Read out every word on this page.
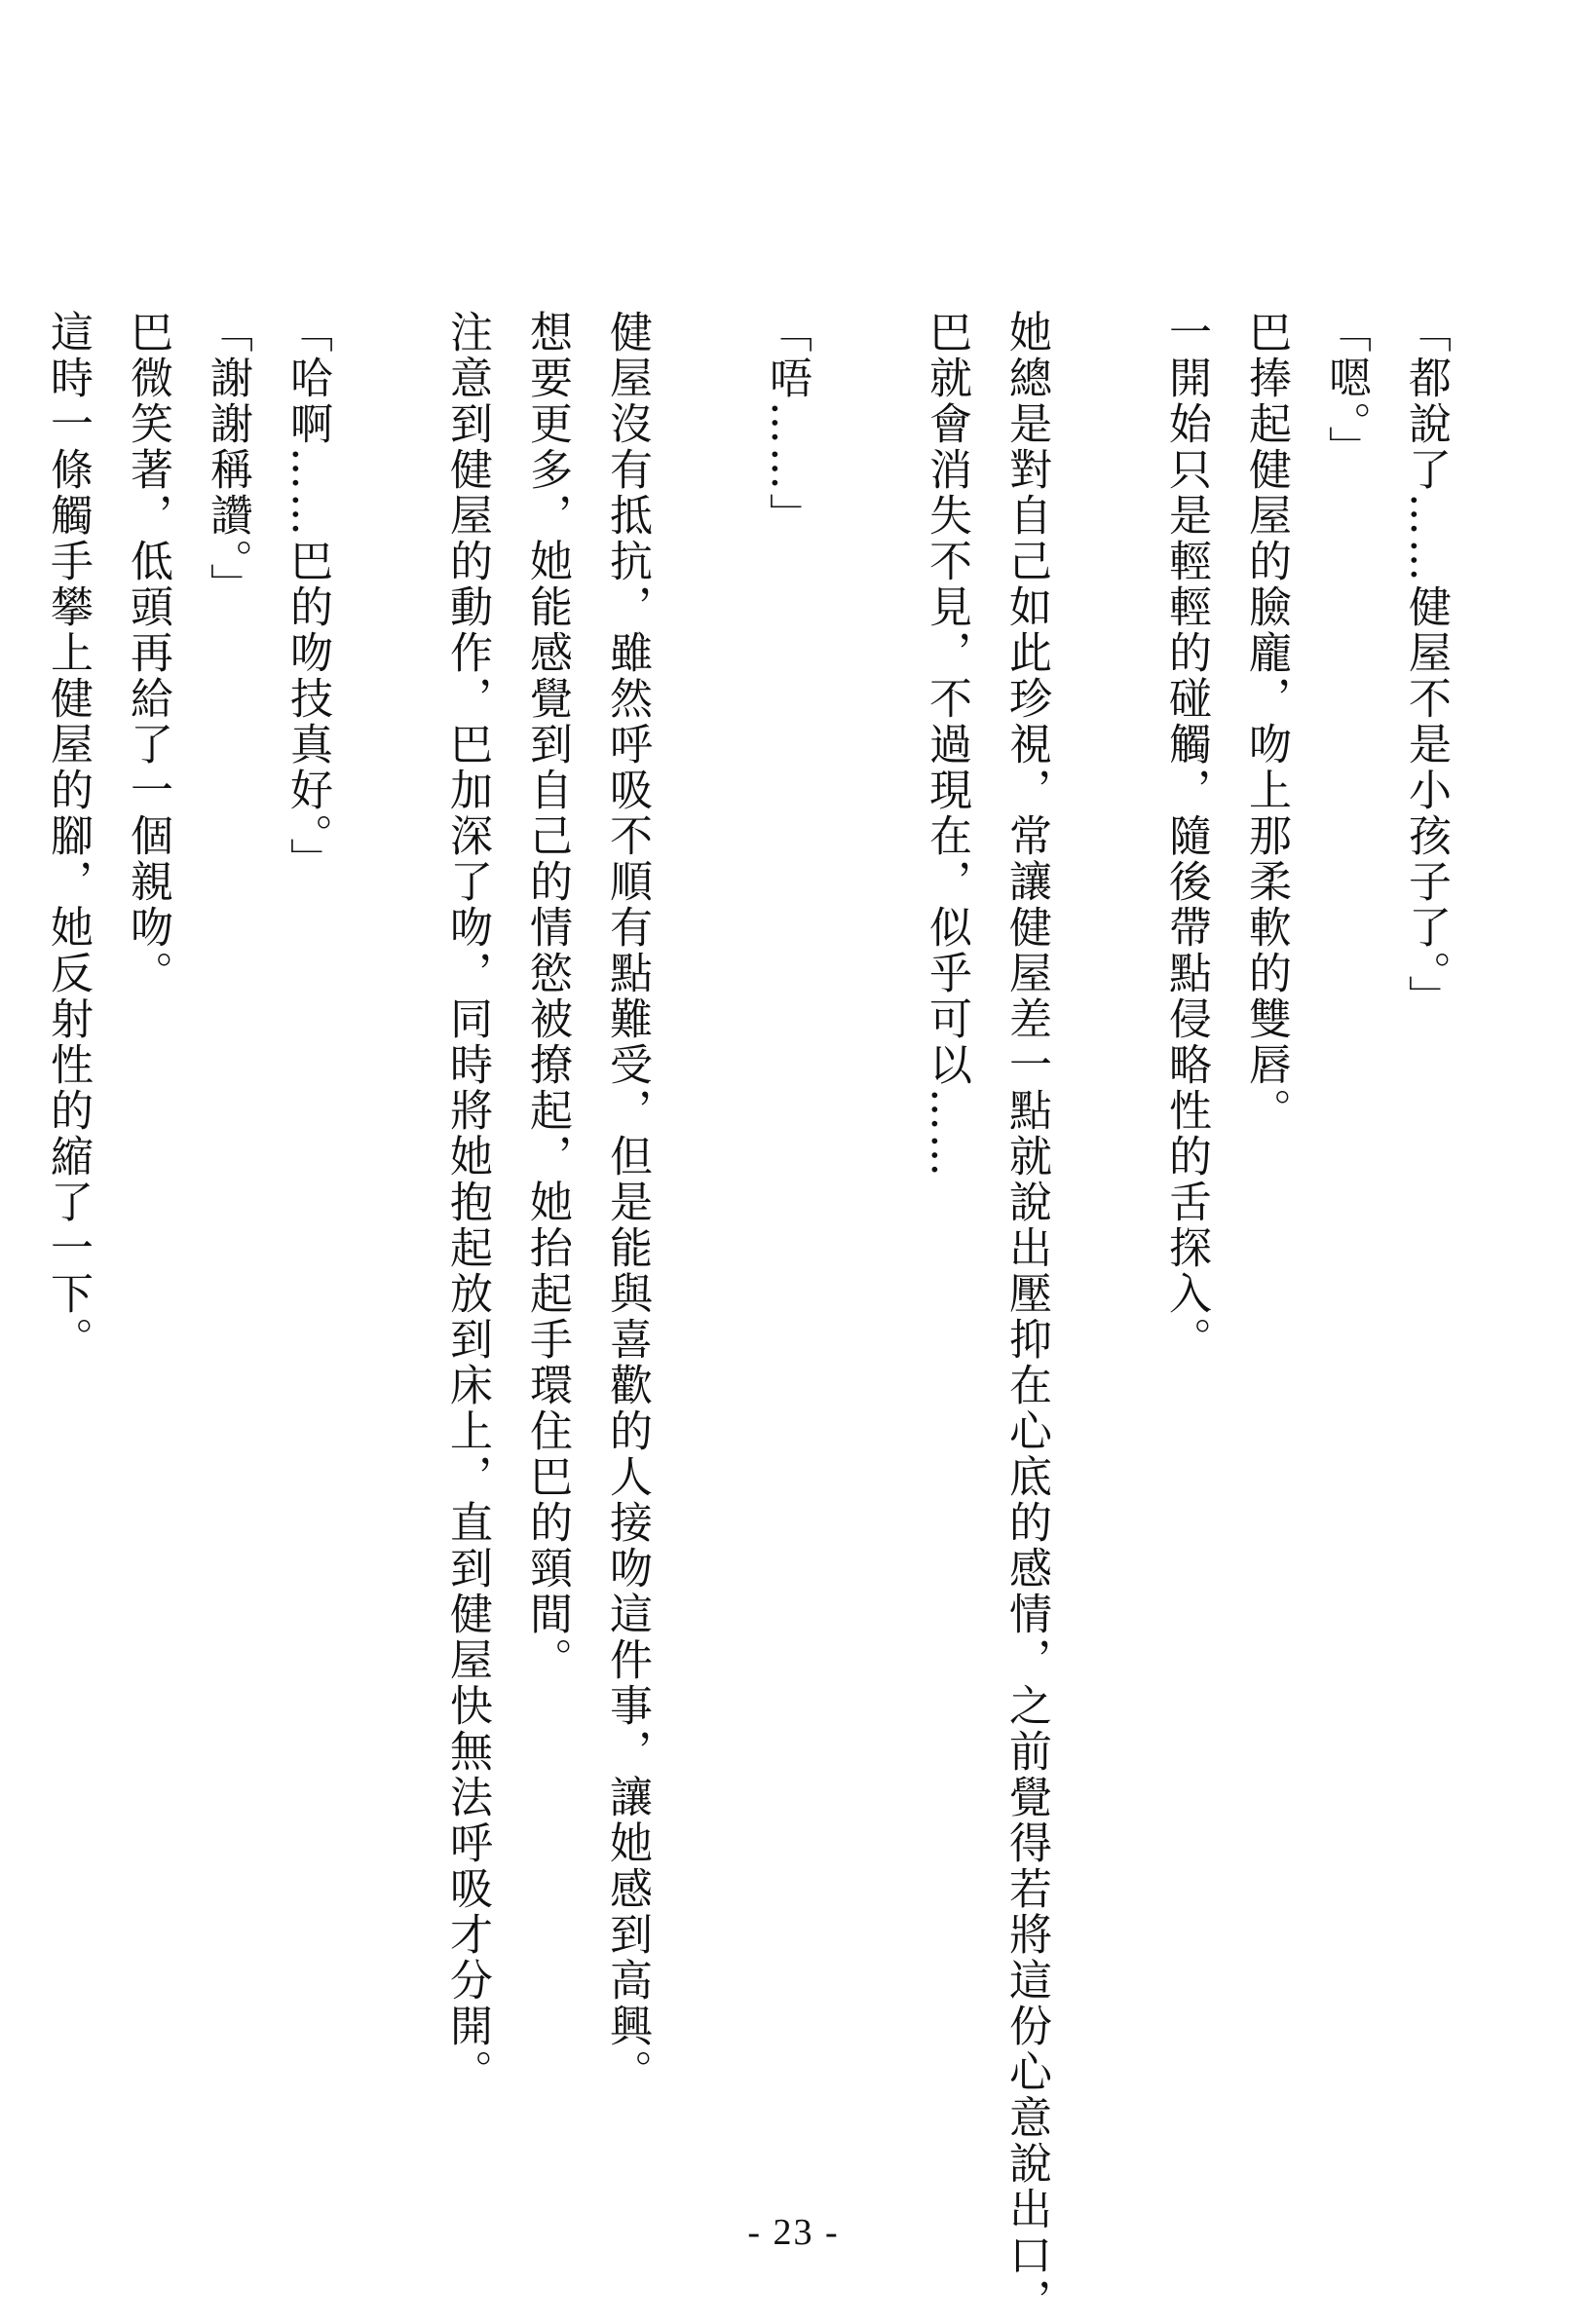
「都說了……健屋不是小孩子了。」
「嗯。」
巴捧起健屋的臉龐，吻上那柔軟的雙唇。
一開始只是輕輕的碰觸，隨後帶點侵略性的舌探入。
她總是對自己如此珍視，常讓健屋差一點就說出壓抑在心底的感情，之前覺得若將這份心意說出口，
巴就會消失不見，不過現在，似乎可以……
「唔……」
健屋沒有抵抗，雖然呼吸不順有點難受，但是能與喜歡的人接吻這件事，讓她感到高興。
想要更多，她能感覺到自己的情慾被撩起，她抬起手環住巴的頸間。
注意到健屋的動作，巴加深了吻，同時將她抱起放到床上，直到健屋快無法呼吸才分開。
「哈啊……巴的吻技真好。」
「謝謝稱讚。」
巴微笑著，低頭再給了一個親吻。
這時一條觸手攀上健屋的腳，她反射性的縮了一下。
- 23 -
